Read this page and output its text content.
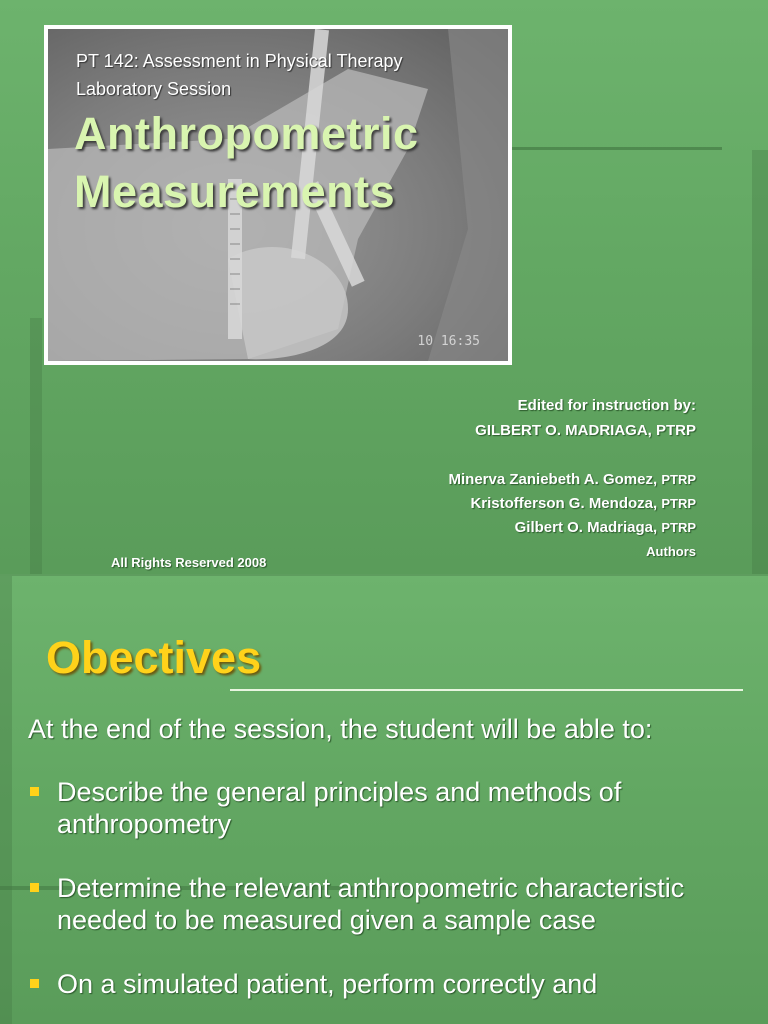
PT 142: Assessment in Physical Therapy
Laboratory Session
Anthropometric
Measurements
10 16:35
Edited for instruction by:
GILBERT O. MADRIAGA, PTRP
Minerva Zaniebeth A. Gomez, PTRP
Kristofferson G. Mendoza, PTRP
Gilbert O. Madriaga, PTRP
Authors
All Rights Reserved 2008
Obectives
At the end of the session, the student will be able to:
Describe the general principles and methods of anthropometry
Determine the relevant anthropometric characteristic needed to be measured given a sample case
On a simulated patient, perform correctly and
